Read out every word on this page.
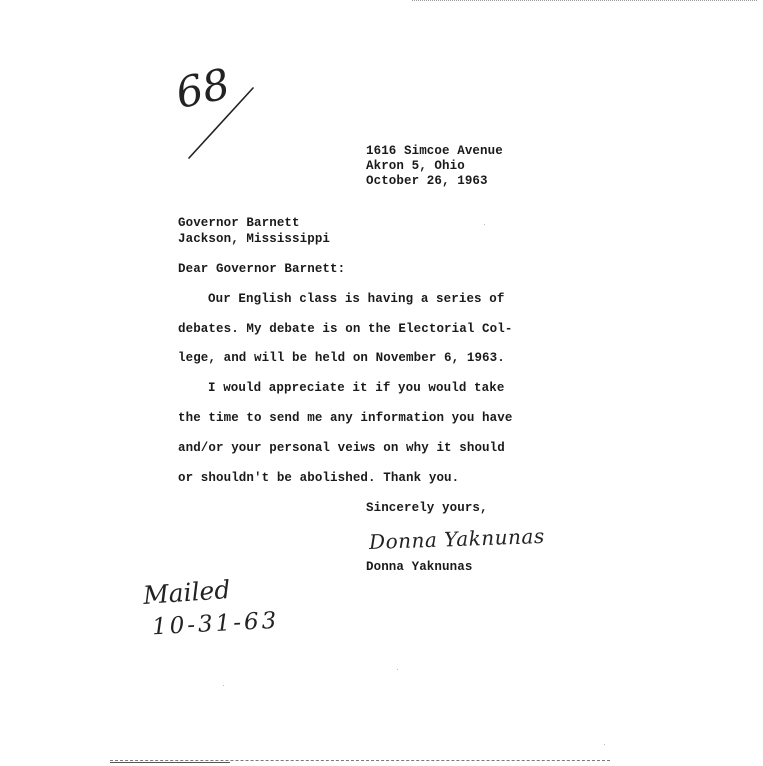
68
1616 Simcoe Avenue
Akron 5, Ohio
October 26, 1963
Governor Barnett
Jackson, Mississippi
Dear Governor Barnett:
Our English class is having a series of
debates. My debate is on the Electorial Col-
lege, and will be held on November 6, 1963.
I would appreciate it if you would take
the time to send me any information you have
and/or your personal veiws on why it should
or shouldn't be abolished. Thank you.
Sincerely yours,
Donna Yaknunas
Donna Yaknunas
Mailed
10-31-63
